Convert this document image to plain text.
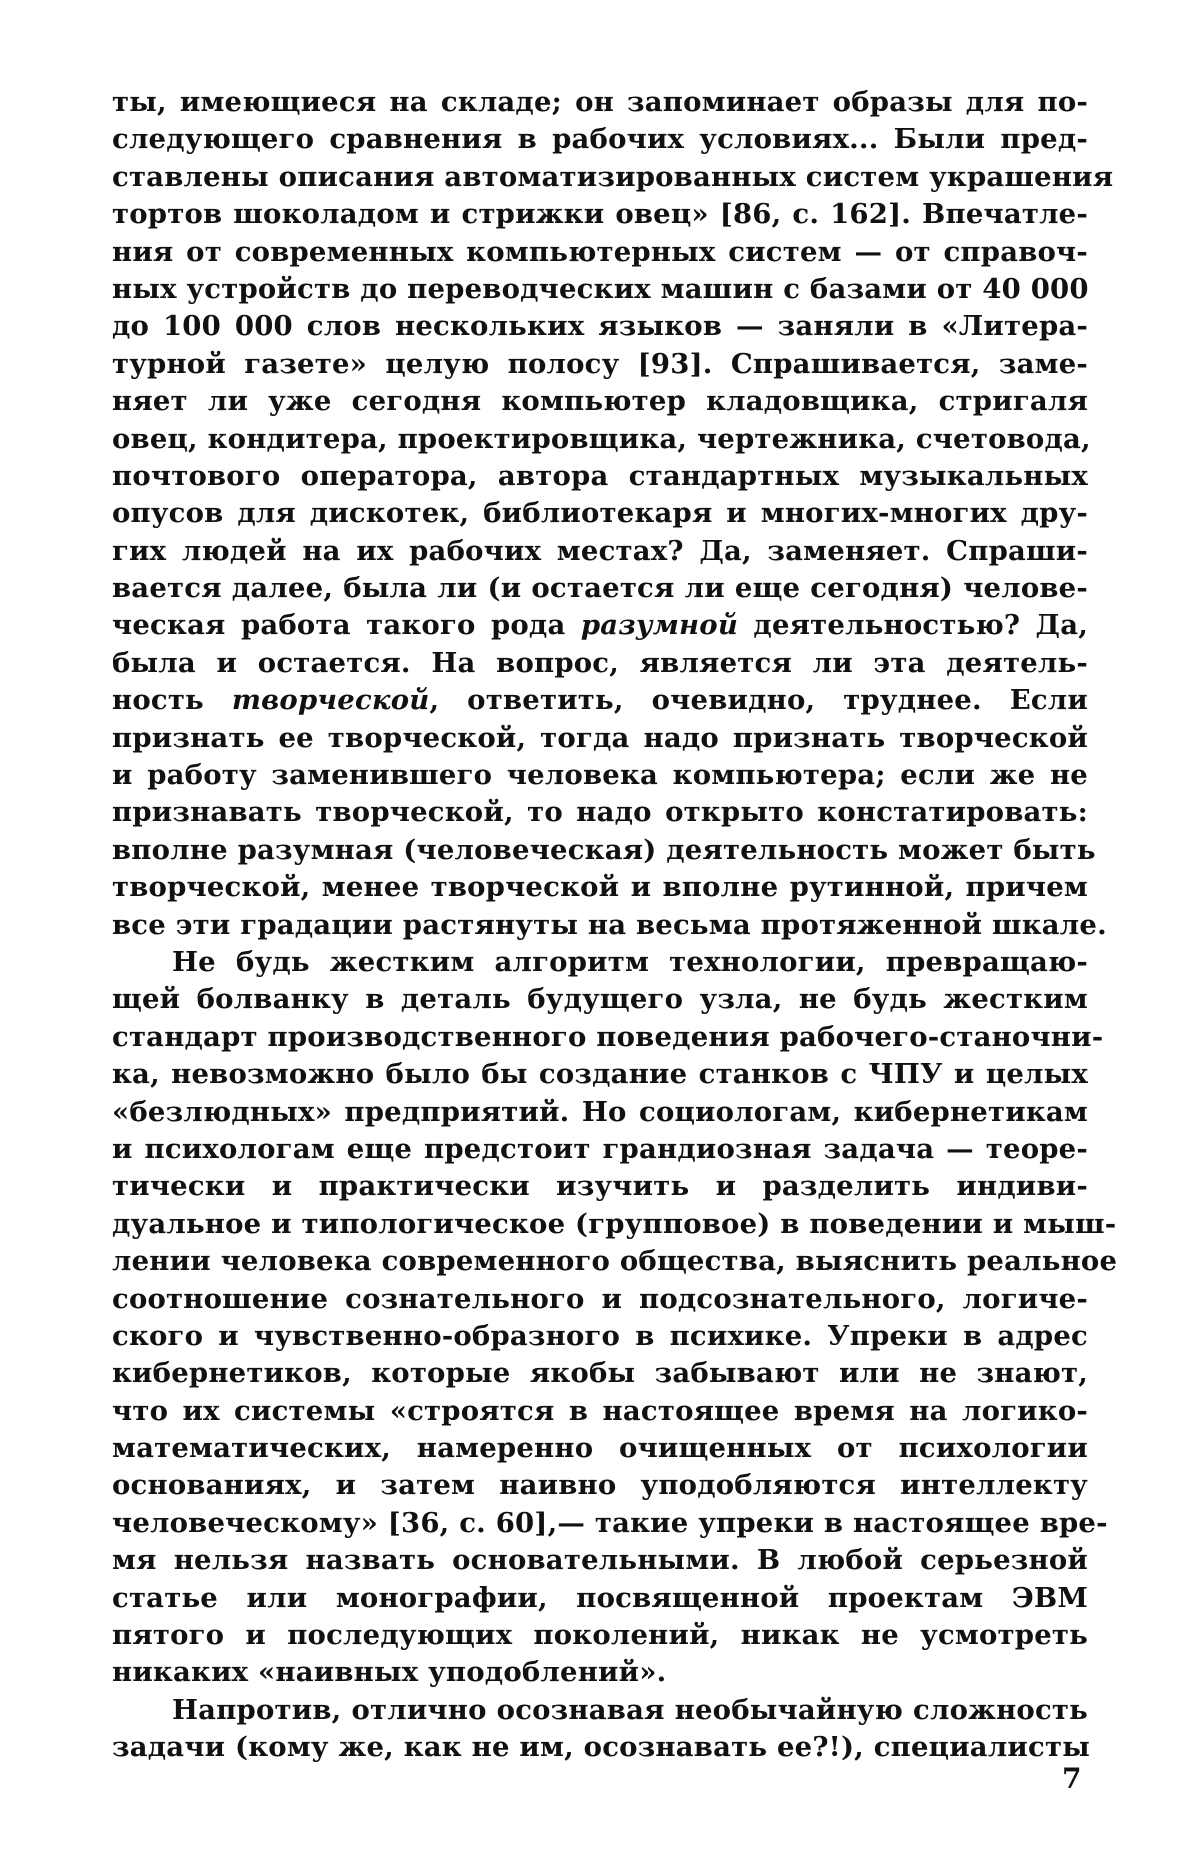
ты, имеющиеся на складе; он запоминает образы для по-
следующего сравнения в рабочих условиях... Были пред-
ставлены описания автоматизированных систем украшения
тортов шоколадом и стрижки овец» [86, с. 162]. Впечатле-
ния от современных компьютерных систем — от справоч-
ных устройств до переводческих машин с базами от 40 000
до 100 000 слов нескольких языков — заняли в «Литера-
турной газете» целую полосу [93]. Спрашивается, заме-
няет ли уже сегодня компьютер кладовщика, стригаля
овец, кондитера, проектировщика, чертежника, счетовода,
почтового оператора, автора стандартных музыкальных
опусов для дискотек, библиотекаря и многих-многих дру-
гих людей на их рабочих местах? Да, заменяет. Спраши-
вается далее, была ли (и остается ли еще сегодня) челове-
ческая работа такого рода разумной деятельностью? Да,
была и остается. На вопрос, является ли эта деятель-
ность творческой, ответить, очевидно, труднее. Если
признать ее творческой, тогда надо признать творческой
и работу заменившего человека компьютера; если же не
признавать творческой, то надо открыто констатировать:
вполне разумная (человеческая) деятельность может быть
творческой, менее творческой и вполне рутинной, причем
все эти градации растянуты на весьма протяженной шкале.
Не будь жестким алгоритм технологии, превращаю-
щей болванку в деталь будущего узла, не будь жестким
стандарт производственного поведения рабочего-станочни-
ка, невозможно было бы создание станков с ЧПУ и целых
«безлюдных» предприятий. Но социологам, кибернетикам
и психологам еще предстоит грандиозная задача — теоре-
тически и практически изучить и разделить индиви-
дуальное и типологическое (групповое) в поведении и мыш-
лении человека современного общества, выяснить реальное
соотношение сознательного и подсознательного, логиче-
ского и чувственно-образного в психике. Упреки в адрес
кибернетиков, которые якобы забывают или не знают,
что их системы «строятся в настоящее время на логико-
математических, намеренно очищенных от психологии
основаниях, и затем наивно уподобляются интеллекту
человеческому» [36, с. 60],— такие упреки в настоящее вре-
мя нельзя назвать основательными. В любой серьезной
статье или монографии, посвященной проектам ЭВМ
пятого и последующих поколений, никак не усмотреть
никаких «наивных уподоблений».
Напротив, отлично осознавая необычайную сложность
задачи (кому же, как не им, осознавать ее?!), специалисты
7
